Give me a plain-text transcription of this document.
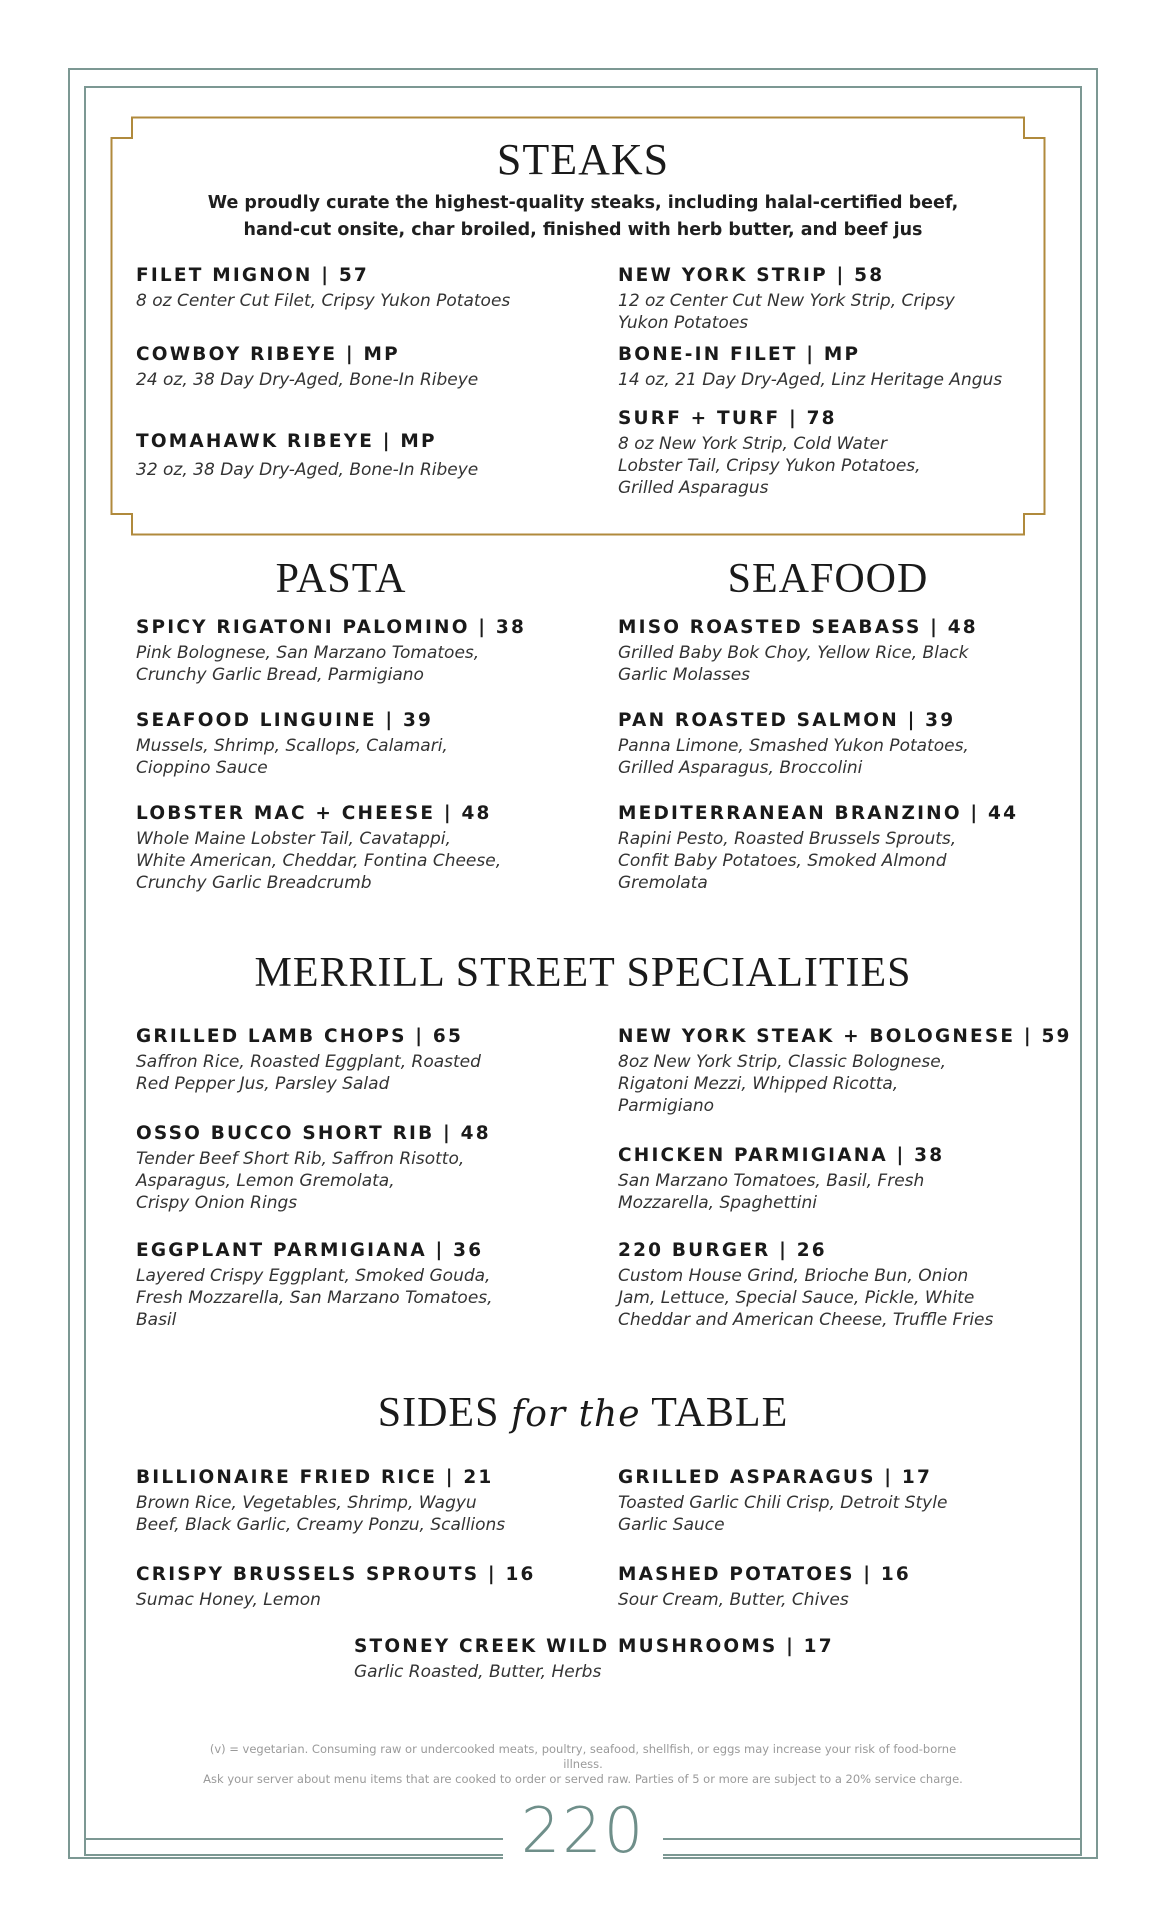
STEAKS
We proudly curate the highest-quality steaks, including halal-certified beef,
hand-cut onsite, char broiled, finished with herb butter, and beef jus

FILET MIGNON | 57

8 oz Center Cut Filet, Cripsy Yukon Potatoes

NEW YORK STRIP | 58

12 oz Center Cut New York Strip, Cripsy
Yukon Potatoes

COWBOY RIBEYE | MP

24 oz, 38 Day Dry-Aged, Bone-In Ribeye

BONE-IN FILET | MP

14 oz, 21 Day Dry-Aged, Linz Heritage Angus

TOMAHAWK RIBEYE | MP

32 oz, 38 Day Dry-Aged, Bone-In Ribeye

SURF + TURF | 78

8 oz New York Strip, Cold Water
Lobster Tail, Cripsy Yukon Potatoes,
Grilled Asparagus

PASTA	SEAFOOD

SPICY RIGATONI PALOMINO | 38

Pink Bolognese, San Marzano Tomatoes,
Crunchy Garlic Bread, Parmigiano

SEAFOOD LINGUINE | 39

Mussels, Shrimp, Scallops, Calamari,
Cioppino Sauce

LOBSTER MAC + CHEESE | 48

Whole Maine Lobster Tail, Cavatappi,
White American, Cheddar, Fontina Cheese,
Crunchy Garlic Breadcrumb

MISO ROASTED SEABASS | 48

Grilled Baby Bok Choy, Yellow Rice, Black
Garlic Molasses

PAN ROASTED SALMON | 39

Panna Limone, Smashed Yukon Potatoes,
Grilled Asparagus, Broccolini

MEDITERRANEAN BRANZINO | 44

Rapini Pesto, Roasted Brussels Sprouts,
Confit Baby Potatoes, Smoked Almond
Gremolata

MERRILL STREET SPECIALITIES

GRILLED LAMB CHOPS | 65

Saffron Rice, Roasted Eggplant, Roasted
Red Pepper Jus, Parsley Salad

NEW YORK STEAK + BOLOGNESE | 59

8oz New York Strip, Classic Bolognese,
Rigatoni Mezzi, Whipped Ricotta,
Parmigiano

OSSO BUCCO SHORT RIB | 48

Tender Beef Short Rib, Saffron Risotto,
Asparagus, Lemon Gremolata,
Crispy Onion Rings

CHICKEN PARMIGIANA | 38

San Marzano Tomatoes, Basil, Fresh
Mozzarella, Spaghettini

EGGPLANT PARMIGIANA | 36

Layered Crispy Eggplant, Smoked Gouda,
Fresh Mozzarella, San Marzano Tomatoes,
Basil

220 BURGER | 26

Custom House Grind, Brioche Bun, Onion
Jam, Lettuce, Special Sauce, Pickle, White
Cheddar and American Cheese, Truffle Fries

SIDES for the TABLE

BILLIONAIRE FRIED RICE | 21

Brown Rice, Vegetables, Shrimp, Wagyu
Beef, Black Garlic, Creamy Ponzu, Scallions

GRILLED ASPARAGUS | 17

Toasted Garlic Chili Crisp, Detroit Style
Garlic Sauce

CRISPY BRUSSELS SPROUTS | 16

Sumac Honey, Lemon

MASHED POTATOES | 16

Sour Cream, Butter, Chives

STONEY CREEK WILD MUSHROOMS | 17

Garlic Roasted, Butter, Herbs

(v) = vegetarian. Consuming raw or undercooked meats, poultry, seafood, shellfish, or eggs may increase your risk of food-borne illness.
Ask your server about menu items that are cooked to order or served raw. Parties of 5 or more are subject to a 20% service charge.
220
